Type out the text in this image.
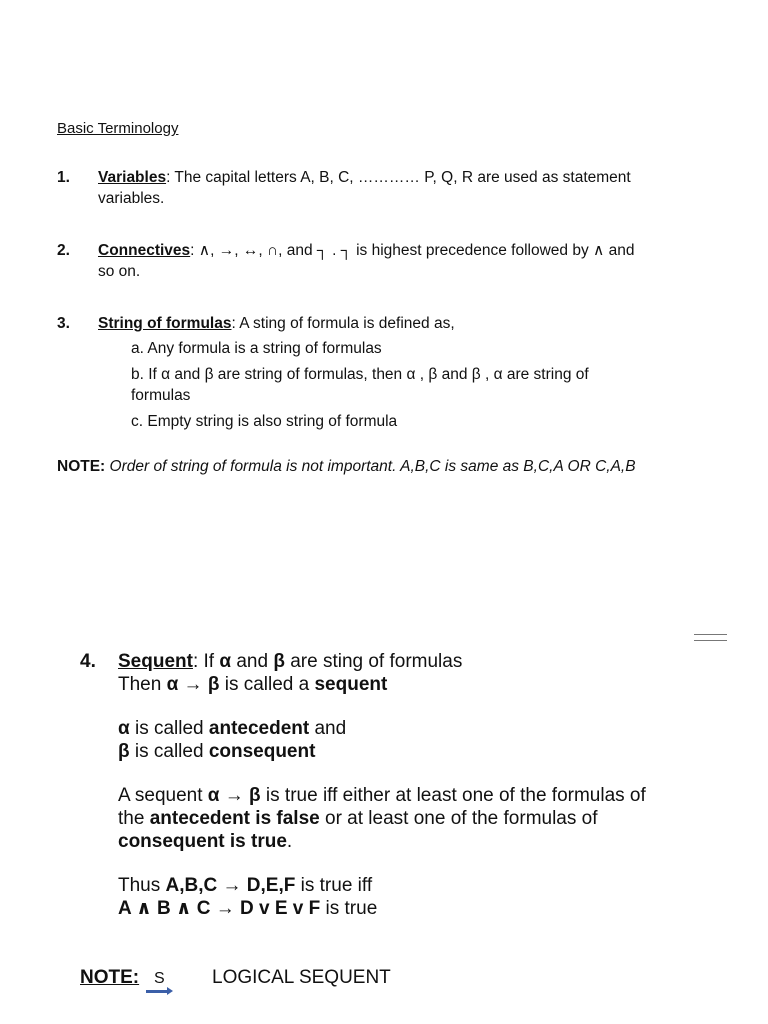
Basic Terminology
1. Variables: The capital letters A, B, C, ………… P, Q, R are used as statement
variables.
2. Connectives: ∧, →, ↔, ∩, and ┐ . ┐ is highest precedence followed by ∧ and
so on.
3. String of formulas: A sting of formula is defined as,
a. Any formula is a string of formulas
b. If α and β are string of formulas, then α , β and β , α are string of
formulas
c. Empty string is also string of formula
NOTE: Order of string of formula is not important. A,B,C is same as B,C,A OR C,A,B
4. Sequent: If α and β are sting of formulas
Then α → β is called a sequent
α is called antecedent and
β is called consequent
A sequent α → β is true iff either at least one of the formulas of
the antecedent is false or at least one of the formulas of
consequent is true.
Thus A,B,C → D,E,F is true iff
A ∧ B ∧ C → D v E v F is true
NOTE: S LOGICAL SEQUENT
